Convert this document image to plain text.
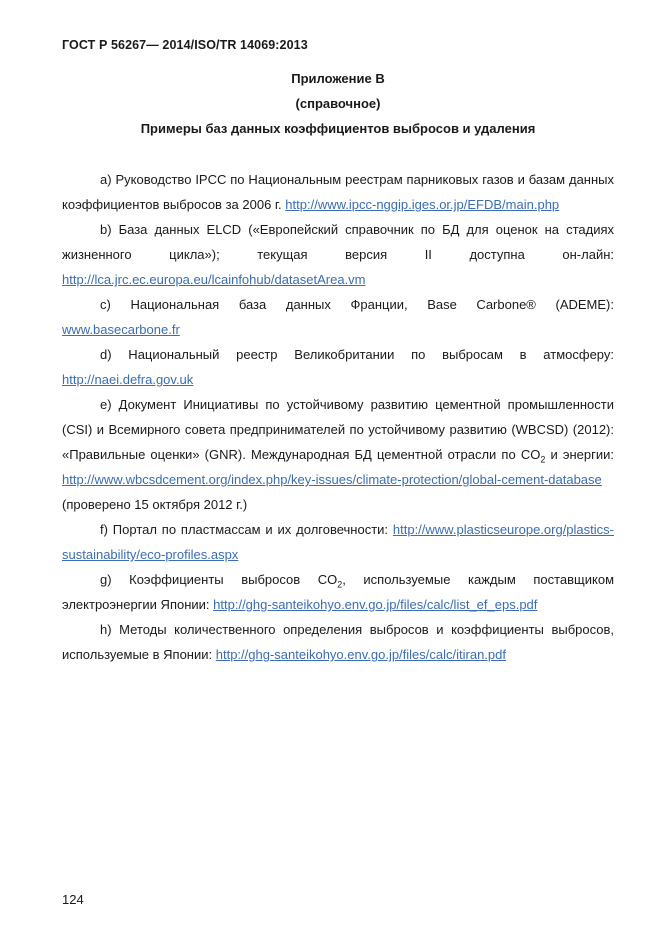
ГОСТ Р 56267— 2014/ISO/TR 14069:2013
Приложение В
(справочное)
Примеры баз данных коэффициентов выбросов и удаления

a) Руководство IPCC по Национальным реестрам парниковых газов и базам данных коэффициентов выбросов за 2006 г. http://www.ipcc-nggip.iges.or.jp/EFDB/main.php

b) База данных ELCD («Европейский справочник по БД для оценок на стадиях жизненного цикла»); текущая версия II доступна он-лайн: http://lca.jrc.ec.europa.eu/lcainfohub/datasetArea.vm

c) Национальная база данных Франции, Base Carbone® (ADEME): www.basecarbone.fr

d) Национальный реестр Великобритании по выбросам в атмосферу: http://naei.defra.gov.uk

e) Документ Инициативы по устойчивому развитию цементной промышленности (CSI) и Всемирного совета предпринимателей по устойчивому развитию (WBCSD) (2012): «Правильные оценки» (GNR). Международная БД цементной отрасли по $CO_2$ и энергии: http://www.wbcsdcement.org/index.php/key-issues/climate-protection/global-cement-database (проверено 15 октября 2012 г.)

f) Портал по пластмассам и их долговечности: http://www.plasticseurope.org/plastics-sustainability/eco-profiles.aspx

g) Коэффициенты выбросов $CO_2$, используемые каждым поставщиком электроэнергии Японии: http://ghg-santeikohyo.env.go.jp/files/calc/list_ef_eps.pdf

h) Методы количественного определения выбросов и коэффициенты выбросов, используемые в Японии: http://ghg-santeikohyo.env.go.jp/files/calc/itiran.pdf

124
